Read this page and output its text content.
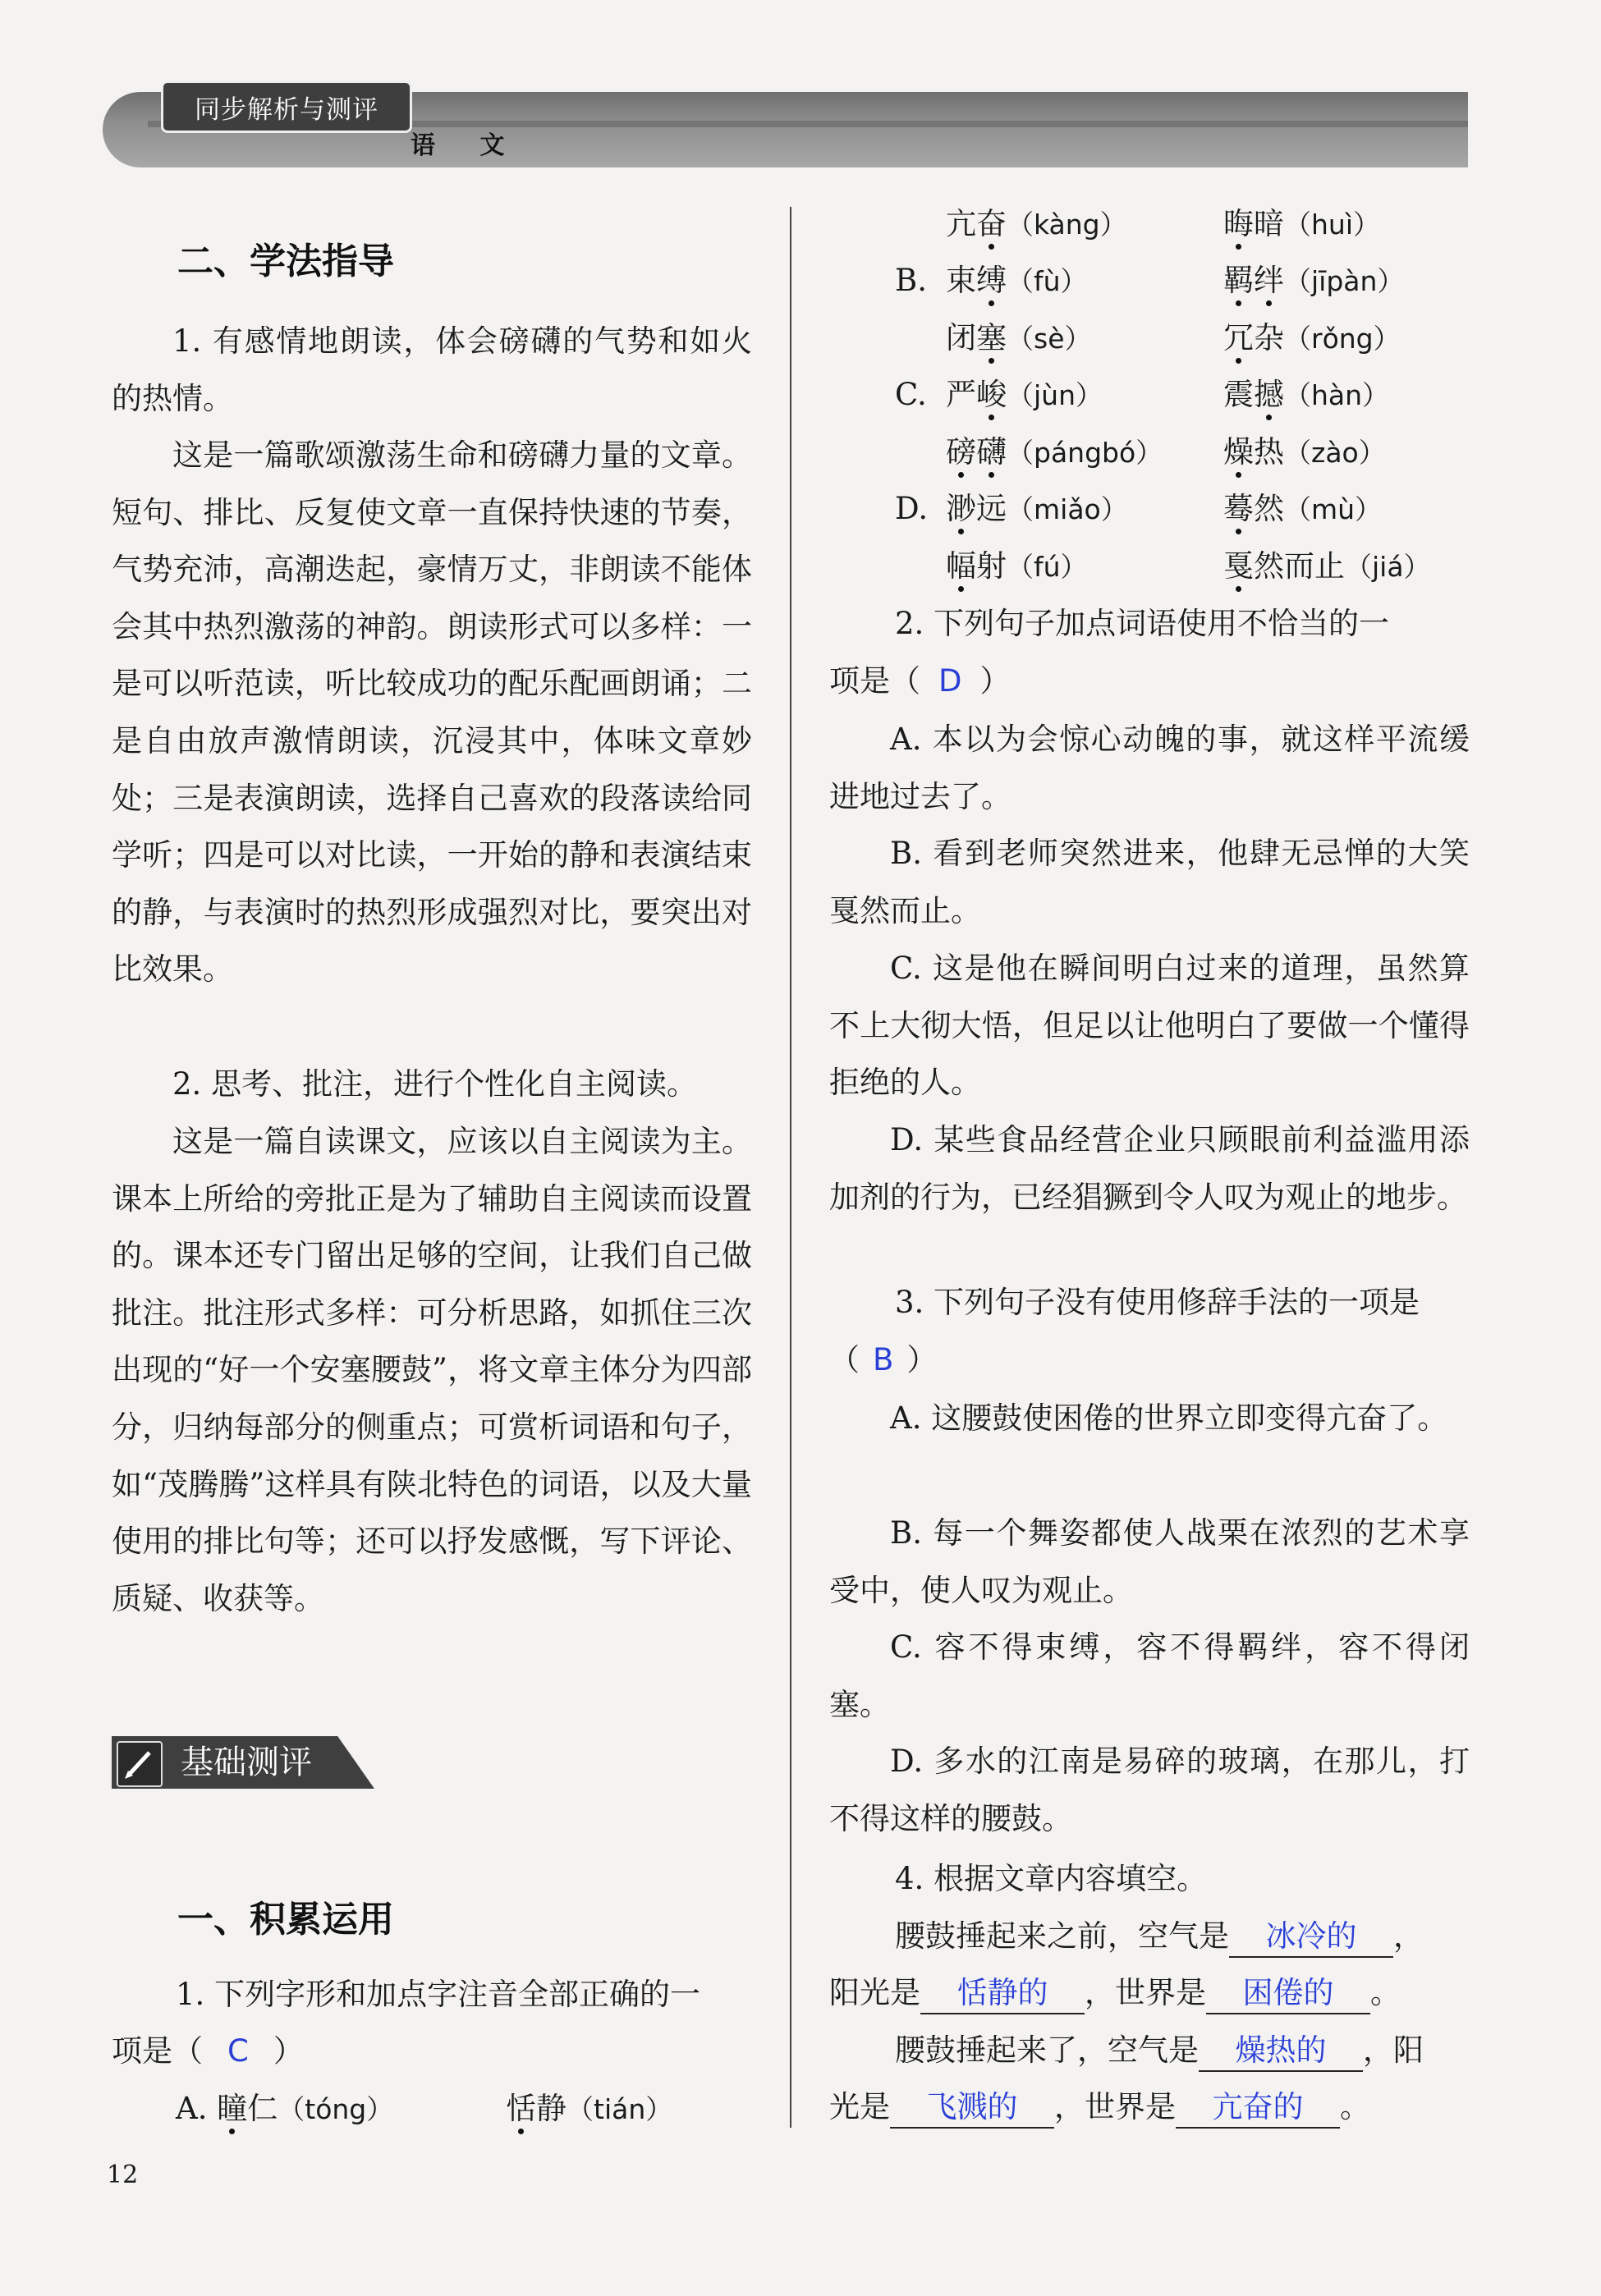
同步解析与测评
语 文
二、学法指导
1. 有感情地朗读，体会磅礴的气势和如火的热情。
这是一篇歌颂激荡生命和磅礴力量的文章。短句、排比、反复使文章一直保持快速的节奏，气势充沛，高潮迭起，豪情万丈，非朗读不能体会其中热烈激荡的神韵。朗读形式可以多样：一是可以听范读，听比较成功的配乐配画朗诵；二是自由放声激情朗读，沉浸其中，体味文章妙处；三是表演朗读，选择自己喜欢的段落读给同学听；四是可以对比读，一开始的静和表演结束的静，与表演时的热烈形成强烈对比，要突出对比效果。
2. 思考、批注，进行个性化自主阅读。
这是一篇自读课文，应该以自主阅读为主。课本上所给的旁批正是为了辅助自主阅读而设置的。课本还专门留出足够的空间，让我们自己做批注。批注形式多样：可分析思路，如抓住三次出现的“好一个安塞腰鼓”，将文章主体分为四部分，归纳每部分的侧重点；可赏析词语和句子，如“茂腾腾”这样具有陕北特色的词语，以及大量使用的排比句等；还可以抒发感慨，写下评论、质疑、收获等。
一、积累运用
1. 下列字形和加点字注音全部正确的一
项是（ C ）
A. 瞳仁（tóng）	恬静（tián）
基础测评
亢奋（kàng）	晦暗（huì）
B. 束缚（fù）	羁绊（jīpàn）
闭塞（sè）	冗杂（rǒng）
C. 严峻（jùn）	震撼（hàn）
磅礴（pángbó）	燥热（zào）
D. 渺远（miǎo）	蓦然（mù）
幅射（fú）	戛然而止（jiá）
2. 下列句子加点词语使用不恰当的一
项是（ D ）
A. 本以为会惊心动魄的事，就这样平流缓进地过去了。
B. 看到老师突然进来，他肆无忌惮的大笑戛然而止。
C. 这是他在瞬间明白过来的道理，虽然算不上大彻大悟，但足以让他明白了要做一个懂得拒绝的人。
D. 某些食品经营企业只顾眼前利益滥用添加剂的行为，已经猖獗到令人叹为观止的地步。
3. 下列句子没有使用修辞手法的一项是
（ B ）
A. 这腰鼓使困倦的世界立即变得亢奋了。
B. 每一个舞姿都使人战栗在浓烈的艺术享受中，使人叹为观止。
C. 容不得束缚，容不得羁绊，容不得闭塞。
D. 多水的江南是易碎的玻璃，在那儿，打不得这样的腰鼓。
4. 根据文章内容填空。
腰鼓捶起来之前，空气是 冰冷的 ，
阳光是 恬静的 ，世界是 困倦的 。
腰鼓捶起来了，空气是 燥热的 ，阳
光是 飞溅的 ，世界是 亢奋的 。
12
